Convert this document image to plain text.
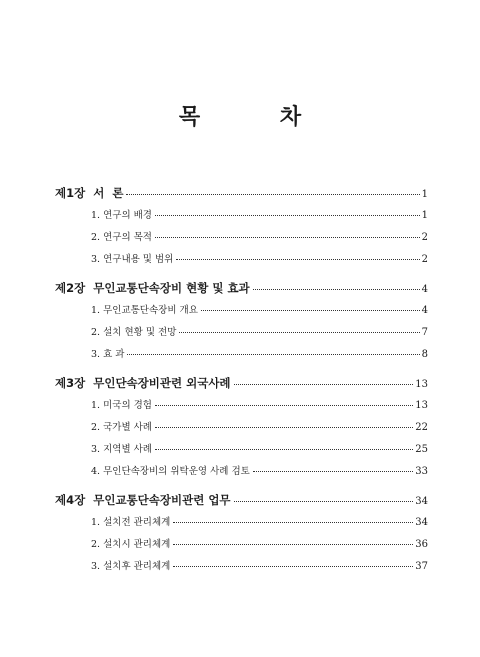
목 차
제1장 서  론	1
1. 연구의 배경	1
2. 연구의 목적	2
3. 연구내용 및 범위	2
제2장 무인교통단속장비 현황 및 효과	4
1. 무인교통단속장비 개요	4
2. 설치 현황 및 전망	7
3. 효 과	8
제3장 무인단속장비관련 외국사례	13
1. 미국의 경험	13
2. 국가별 사례	22
3. 지역별 사례	25
4. 무인단속장비의 위탁운영 사례 검토	33
제4장 무인교통단속장비관련 업무	34
1. 설치전 관리체계	34
2. 설치시 관리체계	36
3. 설치후 관리체계	37
